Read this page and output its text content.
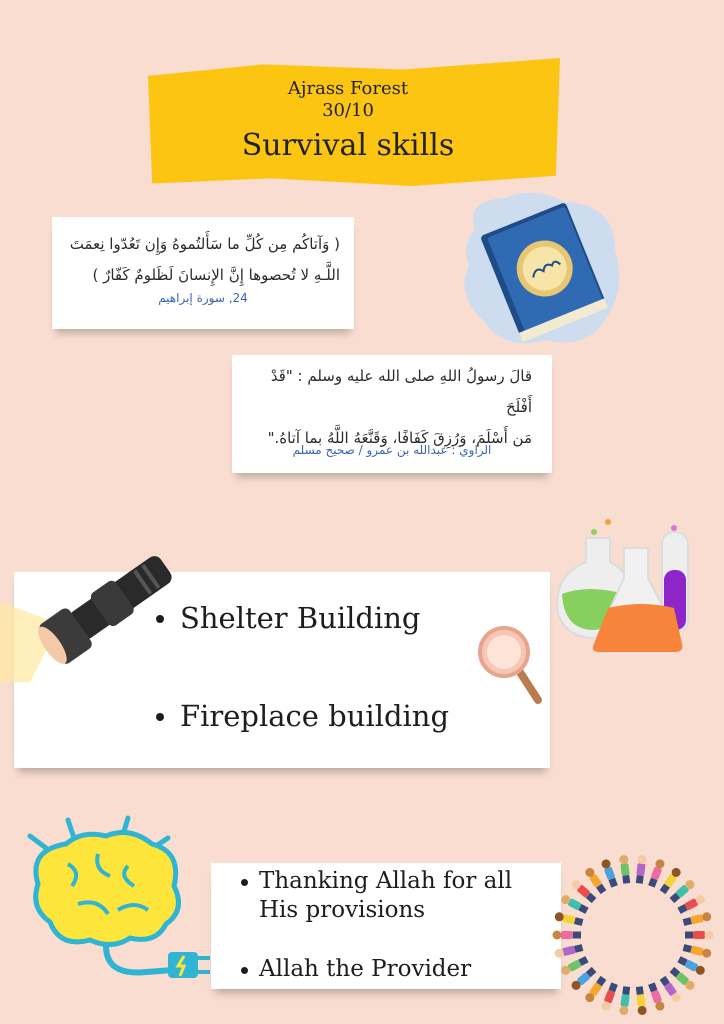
Ajrass Forest
30/10
Survival skills
( وَآتاكُم مِن كُلِّ ما سَأَلتُموهُ وَإِن تَعُدّوا نِعمَتَ
اللَّـهِ لا تُحصوها إِنَّ الإِنسانَ لَظَلومٌ كَفّارٌ )
24, سورة إبراهيم
قالَ رسولُ اللهِ صلى الله عليه وسلم : "قَدْ أَفْلَحَ
مَن أَسْلَمَ، وَرُزِقَ كَفَافًا، وَقَنَّعَهُ اللَّهُ بما آتاهُ."
الراوي : عبدالله بن عمرو / صحيح مسلم
Shelter Building
Fireplace building
Thanking Allah for all His provisions
Allah the Provider
